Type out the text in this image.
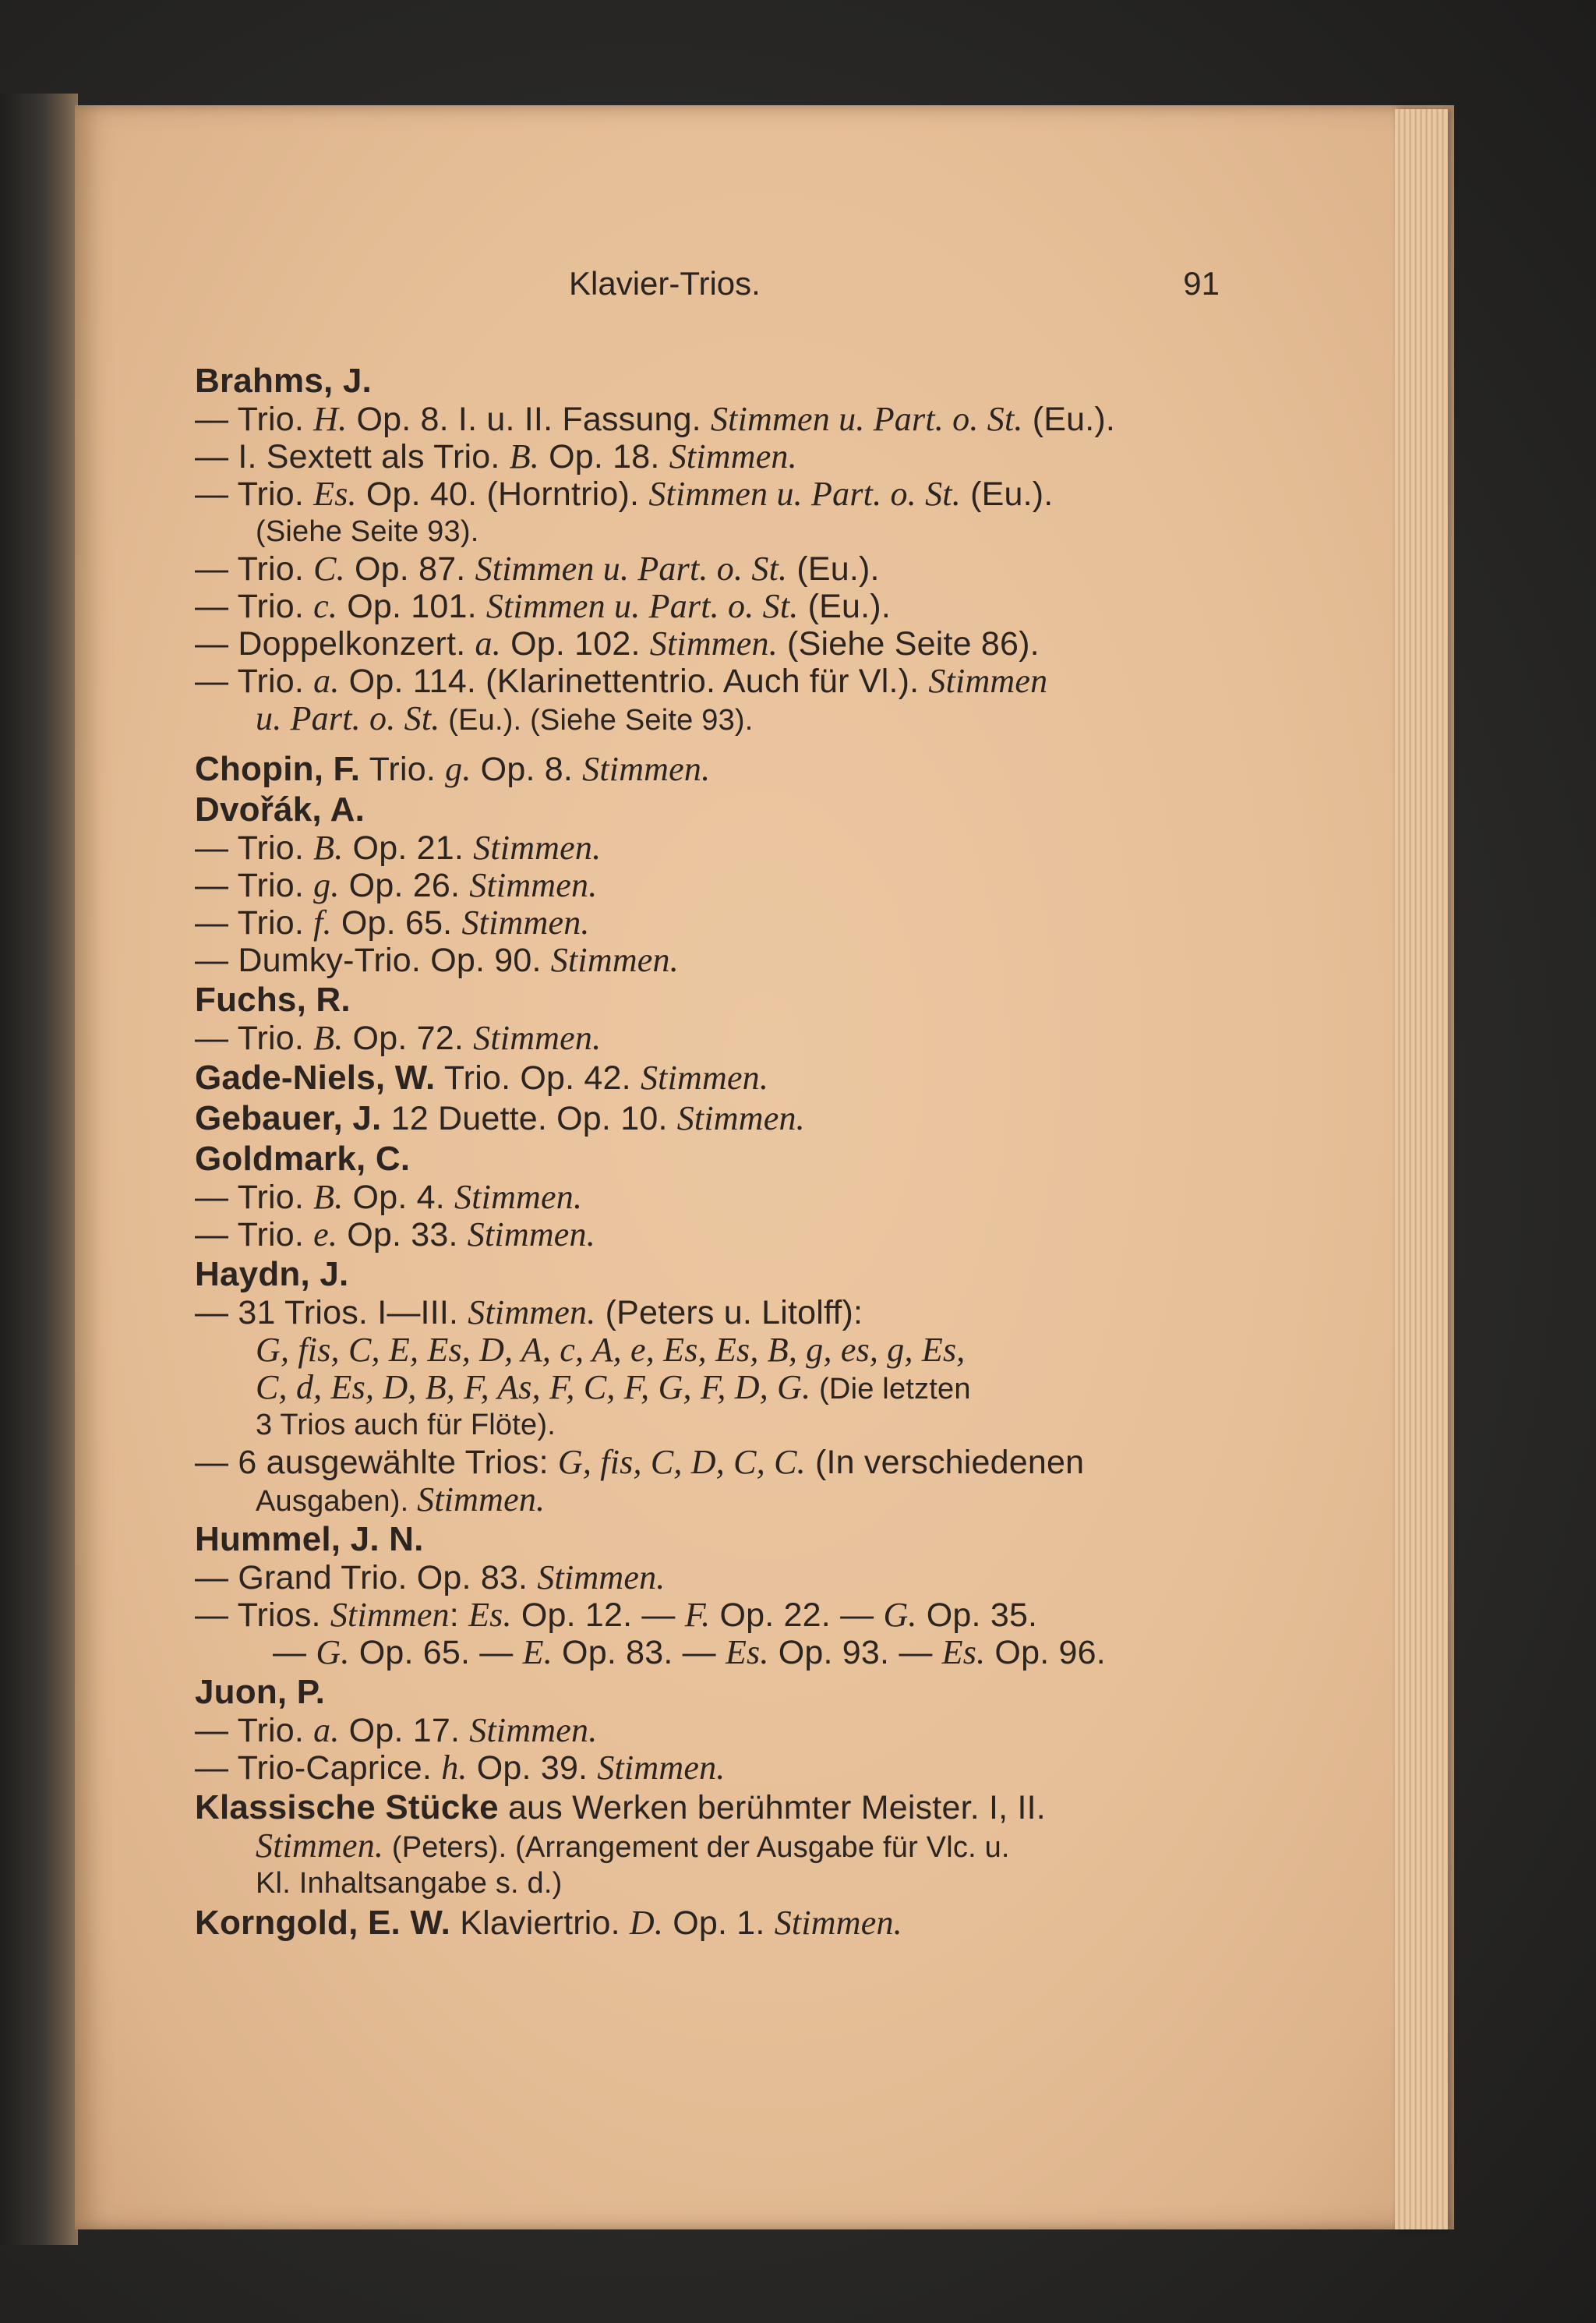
Klavier-Trios.	91
Brahms, J.
— Trio. H. Op. 8. I. u. II. Fassung. Stimmen u. Part. o. St. (Eu.).
— I. Sextett als Trio. B. Op. 18. Stimmen.
— Trio. Es. Op. 40. (Horntrio). Stimmen u. Part. o. St. (Eu.).
(Siehe Seite 93).
— Trio. C. Op. 87. Stimmen u. Part. o. St. (Eu.).
— Trio. c. Op. 101. Stimmen u. Part. o. St. (Eu.).
— Doppelkonzert. a. Op. 102. Stimmen. (Siehe Seite 86).
— Trio. a. Op. 114. (Klarinettentrio. Auch für Vl.). Stimmen
u. Part. o. St. (Eu.). (Siehe Seite 93).
Chopin, F. Trio. g. Op. 8. Stimmen.
Dvořák, A.
— Trio. B. Op. 21. Stimmen.
— Trio. g. Op. 26. Stimmen.
— Trio. f. Op. 65. Stimmen.
— Dumky-Trio. Op. 90. Stimmen.
Fuchs, R.
— Trio. B. Op. 72. Stimmen.
Gade-Niels, W. Trio. Op. 42. Stimmen.
Gebauer, J. 12 Duette. Op. 10. Stimmen.
Goldmark, C.
— Trio. B. Op. 4. Stimmen.
— Trio. e. Op. 33. Stimmen.
Haydn, J.
— 31 Trios. I—III. Stimmen. (Peters u. Litolff):
G, fis, C, E, Es, D, A, c, A, e, Es, Es, B, g, es, g, Es,
C, d, Es, D, B, F, As, F, C, F, G, F, D, G. (Die letzten
3 Trios auch für Flöte).
— 6 ausgewählte Trios: G, fis, C, D, C, C. (In verschiedenen
Ausgaben). Stimmen.
Hummel, J. N.
— Grand Trio. Op. 83. Stimmen.
— Trios. Stimmen: Es. Op. 12. — F. Op. 22. — G. Op. 35.
— G. Op. 65. — E. Op. 83. — Es. Op. 93. — Es. Op. 96.
Juon, P.
— Trio. a. Op. 17. Stimmen.
— Trio-Caprice. h. Op. 39. Stimmen.
Klassische Stücke aus Werken berühmter Meister. I, II.
Stimmen. (Peters). (Arrangement der Ausgabe für Vlc. u.
Kl. Inhaltsangabe s. d.)
Korngold, E. W. Klaviertrio. D. Op. 1. Stimmen.
